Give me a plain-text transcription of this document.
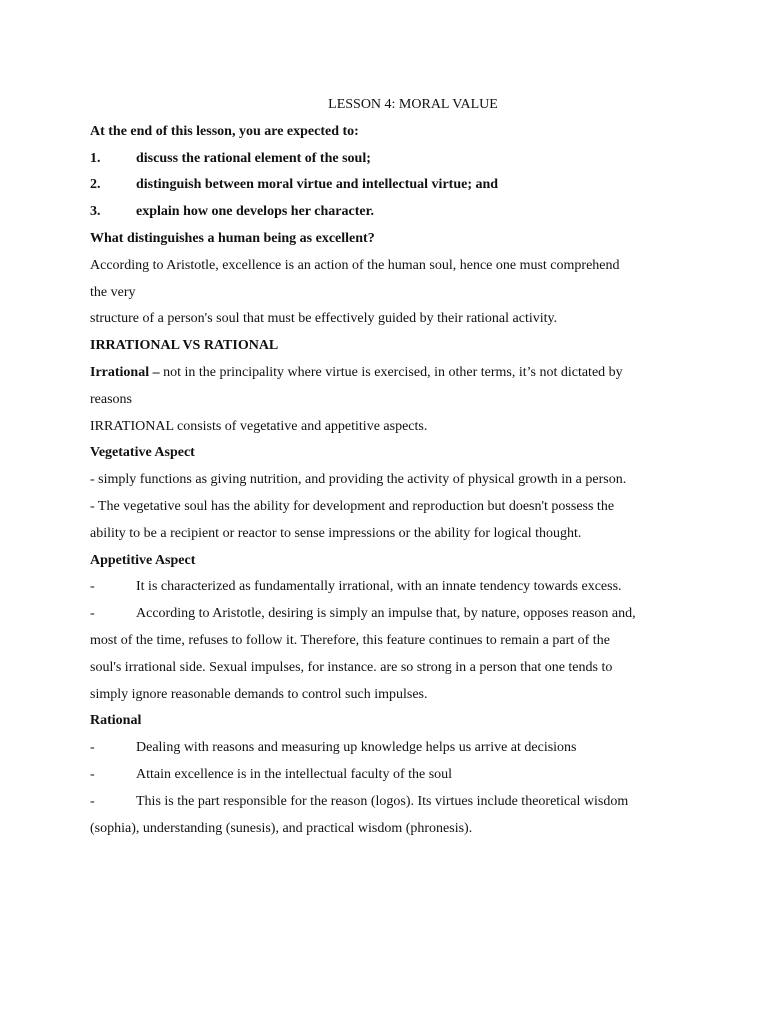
LESSON 4: MORAL VALUE
At the end of this lesson, you are expected to:
1.	discuss the rational element of the soul;
2.	distinguish between moral virtue and intellectual virtue; and
3.	explain how one develops her character.
What distinguishes a human being as excellent?
According to Aristotle, excellence is an action of the human soul, hence one must comprehend
the very
structure of a person's soul that must be effectively guided by their rational activity.
IRRATIONAL VS RATIONAL
Irrational – not in the principality where virtue is exercised, in other terms, it’s not dictated by
reasons
IRRATIONAL consists of vegetative and appetitive aspects.
Vegetative Aspect
- simply functions as giving nutrition, and providing the activity of physical growth in a person.
- The vegetative soul has the ability for development and reproduction but doesn't possess the
ability to be a recipient or reactor to sense impressions or the ability for logical thought.
Appetitive Aspect
-	It is characterized as fundamentally irrational, with an innate tendency towards excess.
-	According to Aristotle, desiring is simply an impulse that, by nature, opposes reason and,
most of the time, refuses to follow it. Therefore, this feature continues to remain a part of the
soul's irrational side. Sexual impulses, for instance. are so strong in a person that one tends to
simply ignore reasonable demands to control such impulses.
Rational
-	Dealing with reasons and measuring up knowledge helps us arrive at decisions
-	Attain excellence is in the intellectual faculty of the soul
-	This is the part responsible for the reason (logos). Its virtues include theoretical wisdom
(sophia), understanding (sunesis), and practical wisdom (phronesis).
